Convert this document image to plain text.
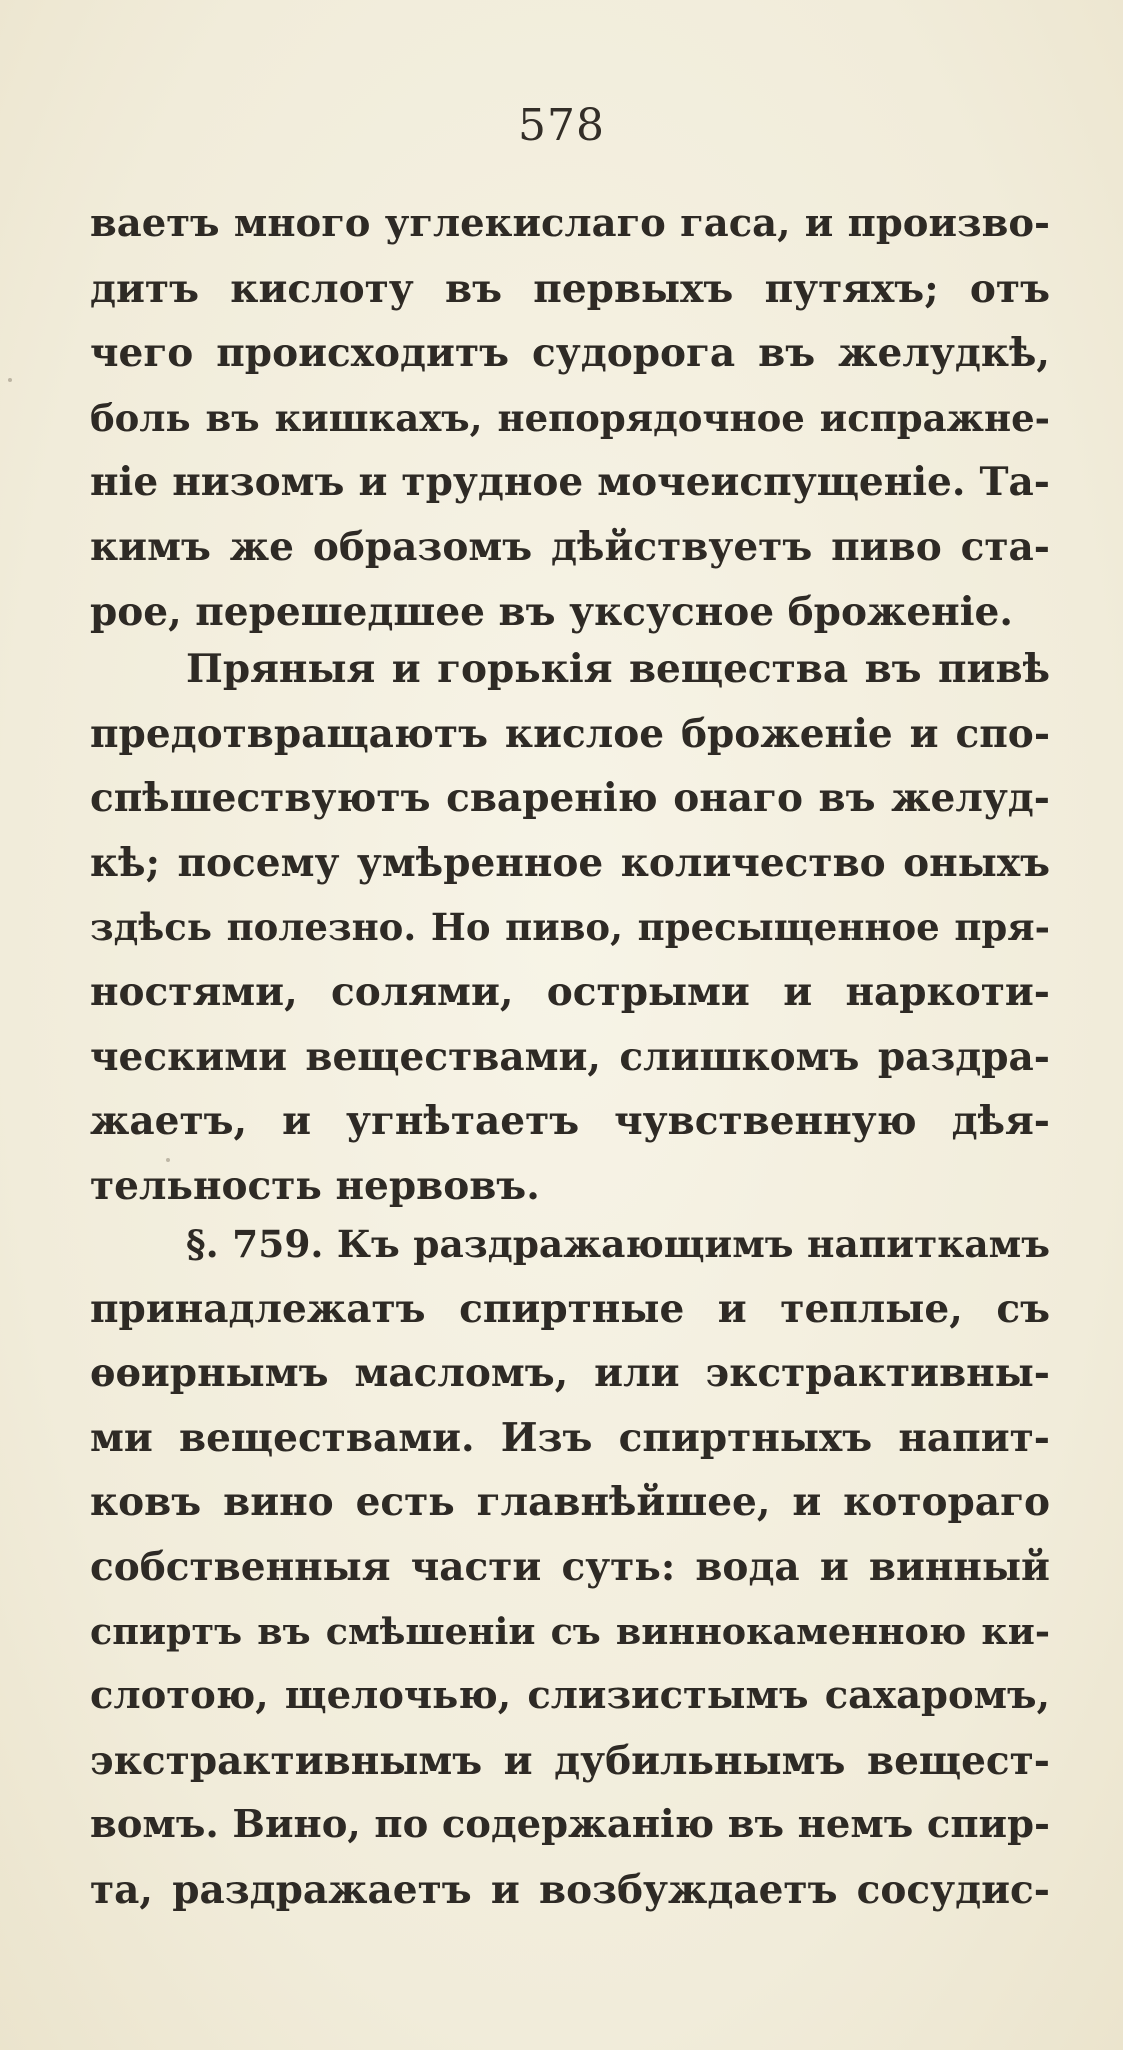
578
ваетъ много углекислаго гаса, и произво-
дитъ кислоту въ первыхъ путяхъ; отъ
чего происходитъ судорога въ желудкѣ,
боль въ кишкахъ, непорядочное испражне-
ніе низомъ и трудное мочеиспущеніе. Та-
кимъ же образомъ дѣйствуетъ пиво ста-
рое, перешедшее въ уксусное броженіе.
Пряныя и горькія вещества въ пивѣ
предотвращаютъ кислое броженіе и спо-
спѣшествуютъ сваренію онаго въ желуд-
кѣ; посему умѣренное количество оныхъ
здѣсь полезно. Но пиво, пресыщенное пря-
ностями, солями, острыми и наркоти-
ческими веществами, слишкомъ раздра-
жаетъ, и угнѣтаетъ чувственную дѣя-
тельность нервовъ.
§. 759. Къ раздражающимъ напиткамъ
принадлежатъ спиртные и теплые, съ
ѳѳирнымъ масломъ, или экстрактивны-
ми веществами. Изъ спиртныхъ напит-
ковъ вино есть главнѣйшее, и котораго
собственныя части суть: вода и винный
спиртъ въ смѣшеніи съ виннокаменною ки-
слотою, щелочью, слизистымъ сахаромъ,
экстрактивнымъ и дубильнымъ вещест-
вомъ. Вино, по содержанію въ немъ спир-
та, раздражаетъ и возбуждаетъ сосудис-
